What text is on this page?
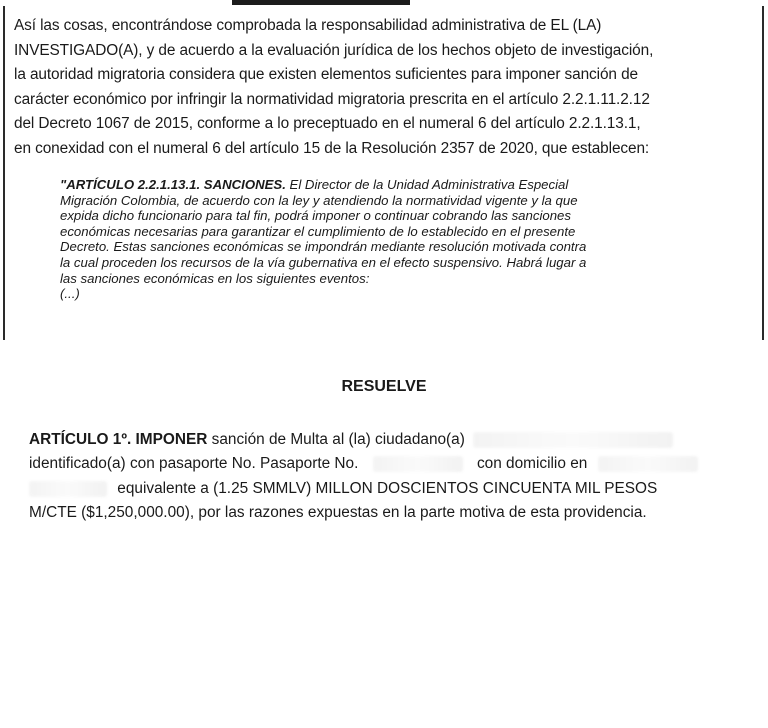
Así las cosas, encontrándose comprobada la responsabilidad administrativa de EL (LA)
INVESTIGADO(A), y de acuerdo a la evaluación jurídica de los hechos objeto de investigación,
la autoridad migratoria considera que existen elementos suficientes para imponer sanción de
carácter económico por infringir la normatividad migratoria prescrita en el artículo 2.2.1.11.2.12
del Decreto 1067 de 2015, conforme a lo preceptuado en el numeral 6 del artículo 2.2.1.13.1,
en conexidad con el numeral 6 del artículo 15 de la Resolución 2357 de 2020, que establecen:
"ARTÍCULO 2.2.1.13.1. SANCIONES. El Director de la Unidad Administrativa Especial
Migración Colombia, de acuerdo con la ley y atendiendo la normatividad vigente y la que
expida dicho funcionario para tal fin, podrá imponer o continuar cobrando las sanciones
económicas necesarias para garantizar el cumplimiento de lo establecido en el presente
Decreto. Estas sanciones económicas se impondrán mediante resolución motivada contra
la cual proceden los recursos de la vía gubernativa en el efecto suspensivo. Habrá lugar a
las sanciones económicas en los siguientes eventos:
(...)
RESUELVE
ARTÍCULO 1º. IMPONER sanción de Multa al (la) ciudadano(a)
identificado(a) con pasaporte No. Pasaporte No.	con domicilio en
equivalente a (1.25 SMMLV) MILLON DOSCIENTOS CINCUENTA MIL PESOS
M/CTE ($1,250,000.00), por las razones expuestas en la parte motiva de esta providencia.
